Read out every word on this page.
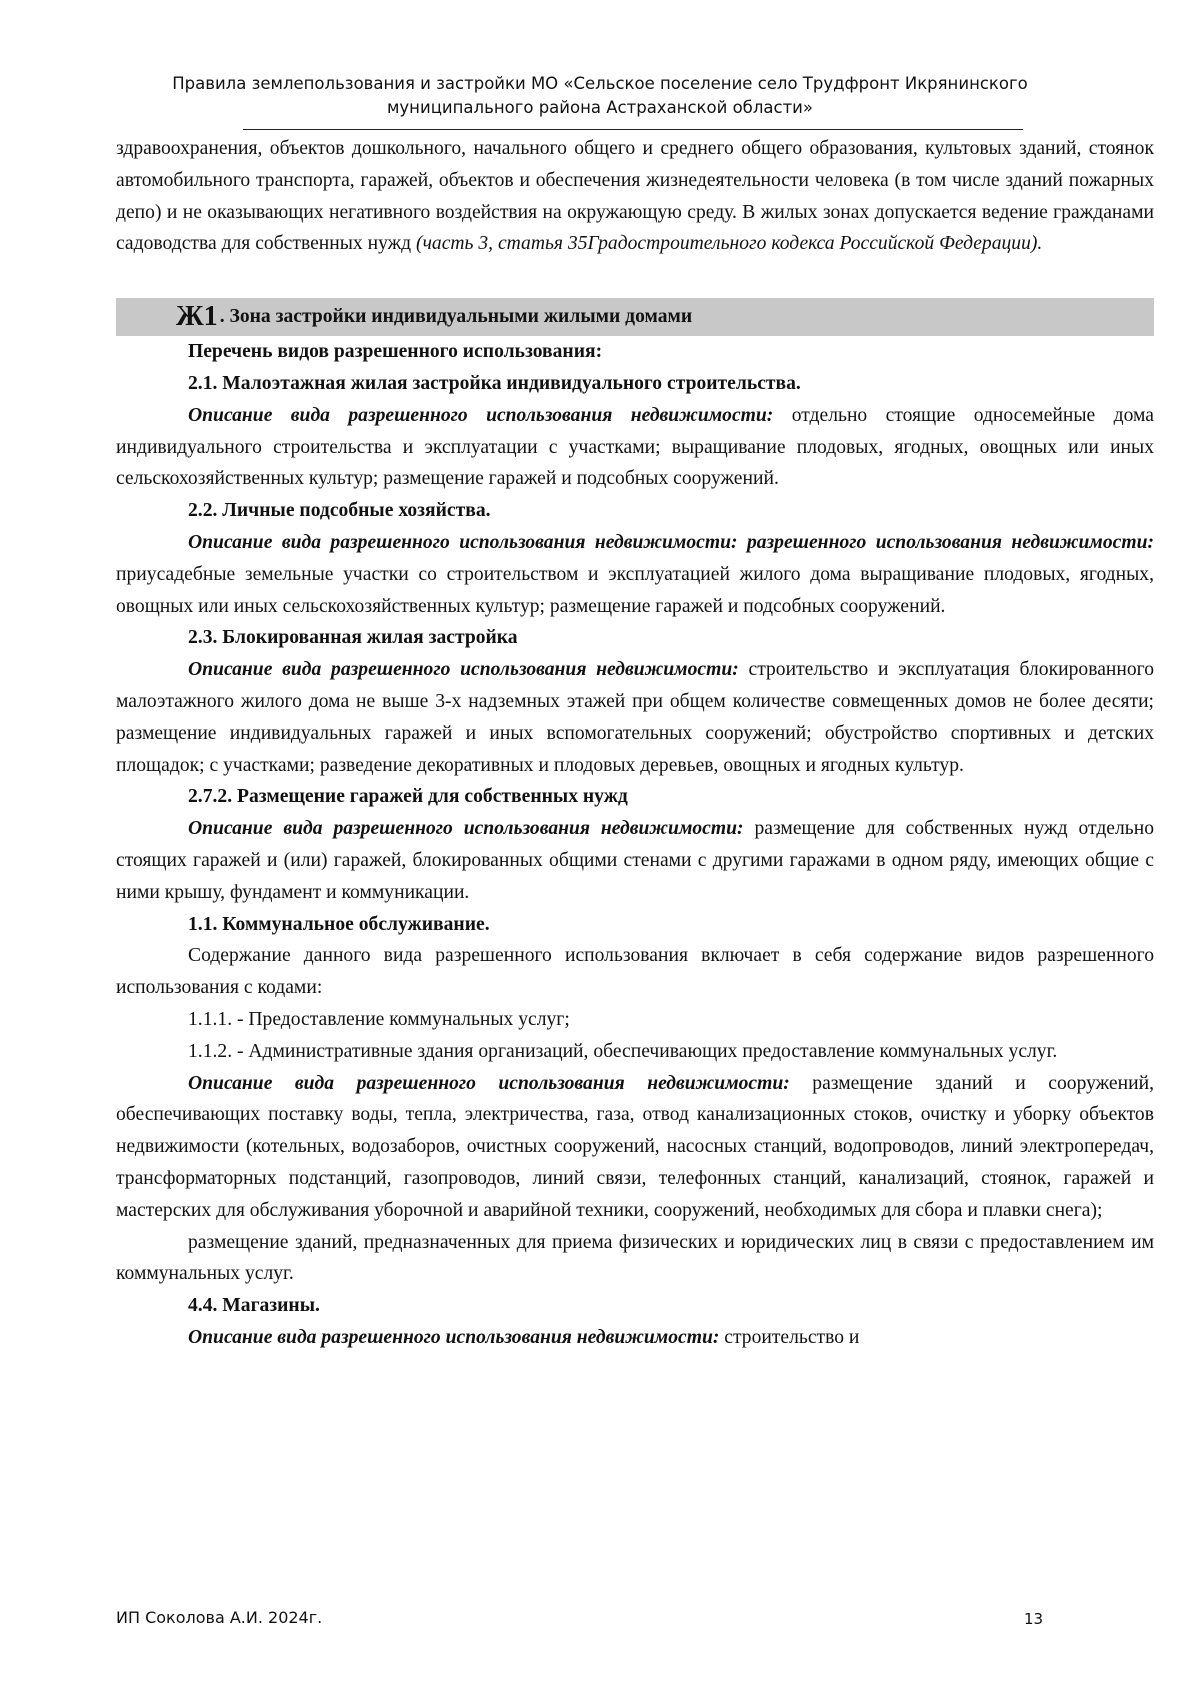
Правила землепользования и застройки МО «Сельское поселение село Трудфронт Икрянинского
муниципального района Астраханской области»

здравоохранения, объектов дошкольного, начального общего и среднего общего образования, культовых зданий, стоянок автомобильного транспорта, гаражей, объектов и обеспечения жизнедеятельности человека (в том числе зданий пожарных депо) и не оказывающих негативного воздействия на окружающую среду. В жилых зонах допускается ведение гражданами садоводства для собственных нужд (часть 3, статья 35Градостроительного кодекса Российской Федерации).

Ж1 . Зона застройки индивидуальными жилыми домами

Перечень видов разрешенного использования:

2.1. Малоэтажная жилая застройка индивидуального строительства.

Описание вида разрешенного использования недвижимости: отдельно стоящие односемейные дома индивидуального строительства и эксплуатации с участками; выращивание плодовых, ягодных, овощных или иных сельскохозяйственных культур; размещение гаражей и подсобных сооружений.

2.2. Личные подсобные хозяйства.

Описание вида разрешенного использования недвижимости: разрешенного использования недвижимости: приусадебные земельные участки со строительством и эксплуатацией жилого дома выращивание плодовых, ягодных, овощных или иных сельскохозяйственных культур; размещение гаражей и подсобных сооружений.

2.3. Блокированная жилая застройка

Описание вида разрешенного использования недвижимости: строительство и эксплуатация блокированного малоэтажного жилого дома не выше 3-х надземных этажей при общем количестве совмещенных домов не более десяти; размещение индивидуальных гаражей и иных вспомогательных сооружений; обустройство спортивных и детских площадок; с участками; разведение декоративных и плодовых деревьев, овощных и ягодных культур.

2.7.2. Размещение гаражей для собственных нужд

Описание вида разрешенного использования недвижимости: размещение для собственных нужд отдельно стоящих гаражей и (или) гаражей, блокированных общими стенами с другими гаражами в одном ряду, имеющих общие с ними крышу, фундамент и коммуникации.

1.1. Коммунальное обслуживание.

Содержание данного вида разрешенного использования включает в себя содержание видов разрешенного использования с кодами:

1.1.1. - Предоставление коммунальных услуг;

1.1.2. - Административные здания организаций, обеспечивающих предоставление коммунальных услуг.

Описание вида разрешенного использования недвижимости: размещение зданий и сооружений, обеспечивающих поставку воды, тепла, электричества, газа, отвод канализационных стоков, очистку и уборку объектов недвижимости (котельных, водозаборов, очистных сооружений, насосных станций, водопроводов, линий электропередач, трансформаторных подстанций, газопроводов, линий связи, телефонных станций, канализаций, стоянок, гаражей и мастерских для обслуживания уборочной и аварийной техники, сооружений, необходимых для сбора и плавки снега);

размещение зданий, предназначенных для приема физических и юридических лиц в связи с предоставлением им коммунальных услуг.

4.4. Магазины.

Описание вида разрешенного использования недвижимости: строительство и

ИП Соколова А.И. 2024г.	13
